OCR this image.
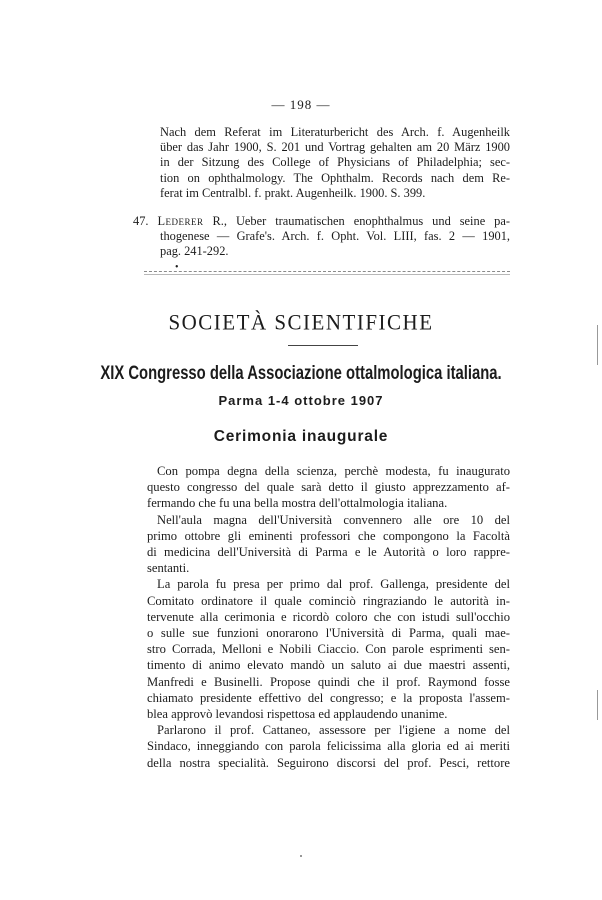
— 198 —
Nach dem Referat im Literaturbericht des Arch. f. Augenheilk
über das Jahr 1900, S. 201 und Vortrag gehalten am 20 März 1900
in der Sitzung des College of Physicians of Philadelphia; sec-
tion on ophthalmology. The Ophthalm. Records nach dem Re-
ferat im Centralbl. f. prakt. Augenheilk. 1900. S. 399.
47. Lederer R., Ueber traumatischen enophthalmus und seine pa-
thogenese — Grafe's. Arch. f. Opht. Vol. LIII, fas. 2 — 1901,
pag. 241-292.
•
SOCIETÀ SCIENTIFICHE
XIX Congresso della Associazione ottalmologica italiana.
Parma 1-4 ottobre 1907
Cerimonia inaugurale
Con pompa degna della scienza, perchè modesta, fu inaugurato
questo congresso del quale sarà detto il giusto apprezzamento af-
fermando che fu una bella mostra dell'ottalmologia italiana.
Nell'aula magna dell'Università convennero alle ore 10 del
primo ottobre gli eminenti professori che compongono la Facoltà
di medicina dell'Università di Parma e le Autorità o loro rappre-
sentanti.
La parola fu presa per primo dal prof. Gallenga, presidente del
Comitato ordinatore il quale cominciò ringraziando le autorità in-
tervenute alla cerimonia e ricordò coloro che con istudi sull'occhio
o sulle sue funzioni onorarono l'Università di Parma, quali mae-
stro Corrada, Melloni e Nobili Ciaccio. Con parole esprimenti sen-
timento di animo elevato mandò un saluto ai due maestri assenti,
Manfredi e Businelli. Propose quindi che il prof. Raymond fosse
chiamato presidente effettivo del congresso; e la proposta l'assem-
blea approvò levandosi rispettosa ed applaudendo unanime.
Parlarono il prof. Cattaneo, assessore per l'igiene a nome del
Sindaco, inneggiando con parola felicissima alla gloria ed ai meriti
della nostra specialità. Seguirono discorsi del prof. Pesci, rettore
